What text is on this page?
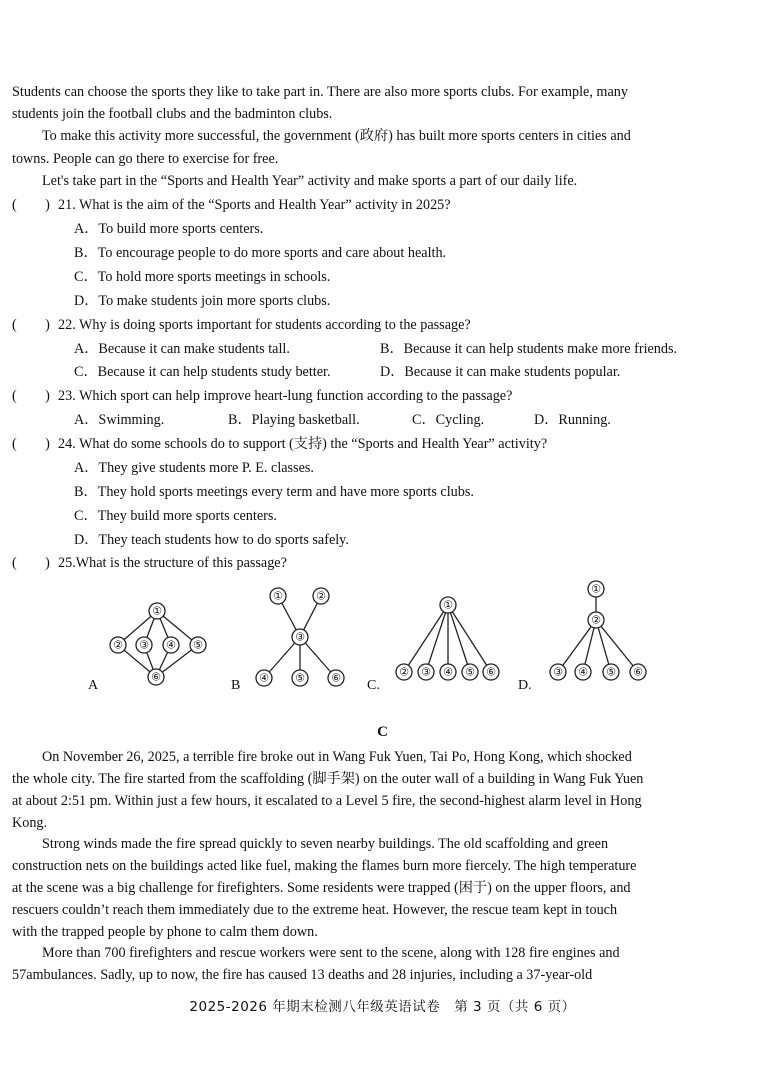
Students can choose the sports they like to take part in. There are also more sports clubs. For example, many
students join the football clubs and the badminton clubs.
To make this activity more successful, the government (政府) has built more sports centers in cities and
towns. People can go there to exercise for free.
Let's take part in the “Sports and Health Year” activity and make sports a part of our daily life.
(　　) 21. What is the aim of the “Sports and Health Year” activity in 2025?
A．To build more sports centers.
B．To encourage people to do more sports and care about health.
C．To hold more sports meetings in schools.
D．To make students join more sports clubs.
(　　) 22. Why is doing sports important for students according to the passage?
A．Because it can make students tall.	B．Because it can help students make more friends.
C．Because it can help students study better.	D．Because it can make students popular.
(　　) 23. Which sport can help improve heart-lung function according to the passage?
A．Swimming.	B．Playing basketball.	C．Cycling.	D．Running.
(　　) 24. What do some schools do to support (支持) the “Sports and Health Year” activity?
A．They give students more P. E. classes.
B．They hold sports meetings every term and have more sports clubs.
C．They build more sports centers.
D．They teach students how to do sports safely.
(　　) 25.What is the structure of this passage?
①
② ③ ④ ⑤
⑥
A
①	②
③
④ ⑤ ⑥
B
①
② ③ ④ ⑤ ⑥
C.
①
②
③ ④ ⑤ ⑥
D.
C
On November 26, 2025, a terrible fire broke out in Wang Fuk Yuen, Tai Po, Hong Kong, which shocked
the whole city. The fire started from the scaffolding (脚手架) on the outer wall of a building in Wang Fuk Yuen
at about 2:51 pm. Within just a few hours, it escalated to a Level 5 fire, the second-highest alarm level in Hong
Kong.
Strong winds made the fire spread quickly to seven nearby buildings. The old scaffolding and green
construction nets on the buildings acted like fuel, making the flames burn more fiercely. The high temperature
at the scene was a big challenge for firefighters. Some residents were trapped (困于) on the upper floors, and
rescuers couldn’t reach them immediately due to the extreme heat. However, the rescue team kept in touch
with the trapped people by phone to calm them down.
More than 700 firefighters and rescue workers were sent to the scene, along with 128 fire engines and
57ambulances. Sadly, up to now, the fire has caused 13 deaths and 28 injuries, including a 37-year-old
2025-2026 年期末检测八年级英语试卷　第 3 页（共 6 页）
